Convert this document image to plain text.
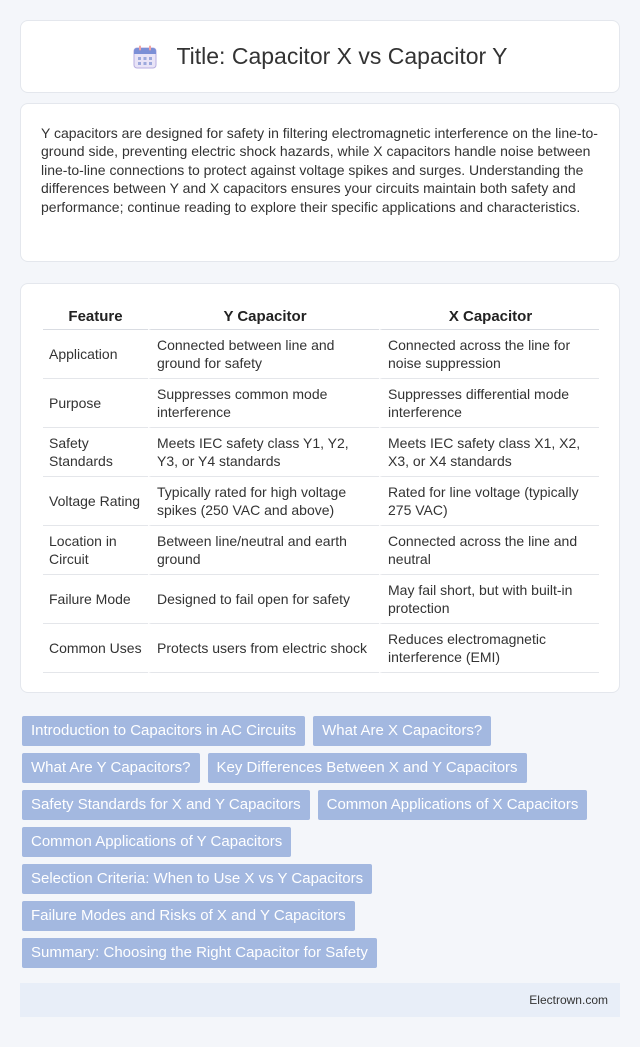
Title: Capacitor X vs Capacitor Y

Y capacitors are designed for safety in filtering electromagnetic interference on the line-to-ground side, preventing electric shock hazards, while X capacitors handle noise between line-to-line connections to protect against voltage spikes and surges. Understanding the differences between Y and X capacitors ensures your circuits maintain both safety and performance; continue reading to explore their specific applications and characteristics.

Feature	Y Capacitor	X Capacitor
Application	Connected between line and ground for safety	Connected across the line for noise suppression
Purpose	Suppresses common mode interference	Suppresses differential mode interference
Safety Standards	Meets IEC safety class Y1, Y2, Y3, or Y4 standards	Meets IEC safety class X1, X2, X3, or X4 standards
Voltage Rating	Typically rated for high voltage spikes (250 VAC and above)	Rated for line voltage (typically 275 VAC)
Location in Circuit	Between line/neutral and earth ground	Connected across the line and neutral
Failure Mode	Designed to fail open for safety	May fail short, but with built-in protection
Common Uses	Protects users from electric shock	Reduces electromagnetic interference (EMI)
Introduction to Capacitors in AC Circuits	What Are X Capacitors?
What Are Y Capacitors?	Key Differences Between X and Y Capacitors
Safety Standards for X and Y Capacitors	Common Applications of X Capacitors
Common Applications of Y Capacitors
Selection Criteria: When to Use X vs Y Capacitors
Failure Modes and Risks of X and Y Capacitors
Summary: Choosing the Right Capacitor for Safety
Electrown.com
